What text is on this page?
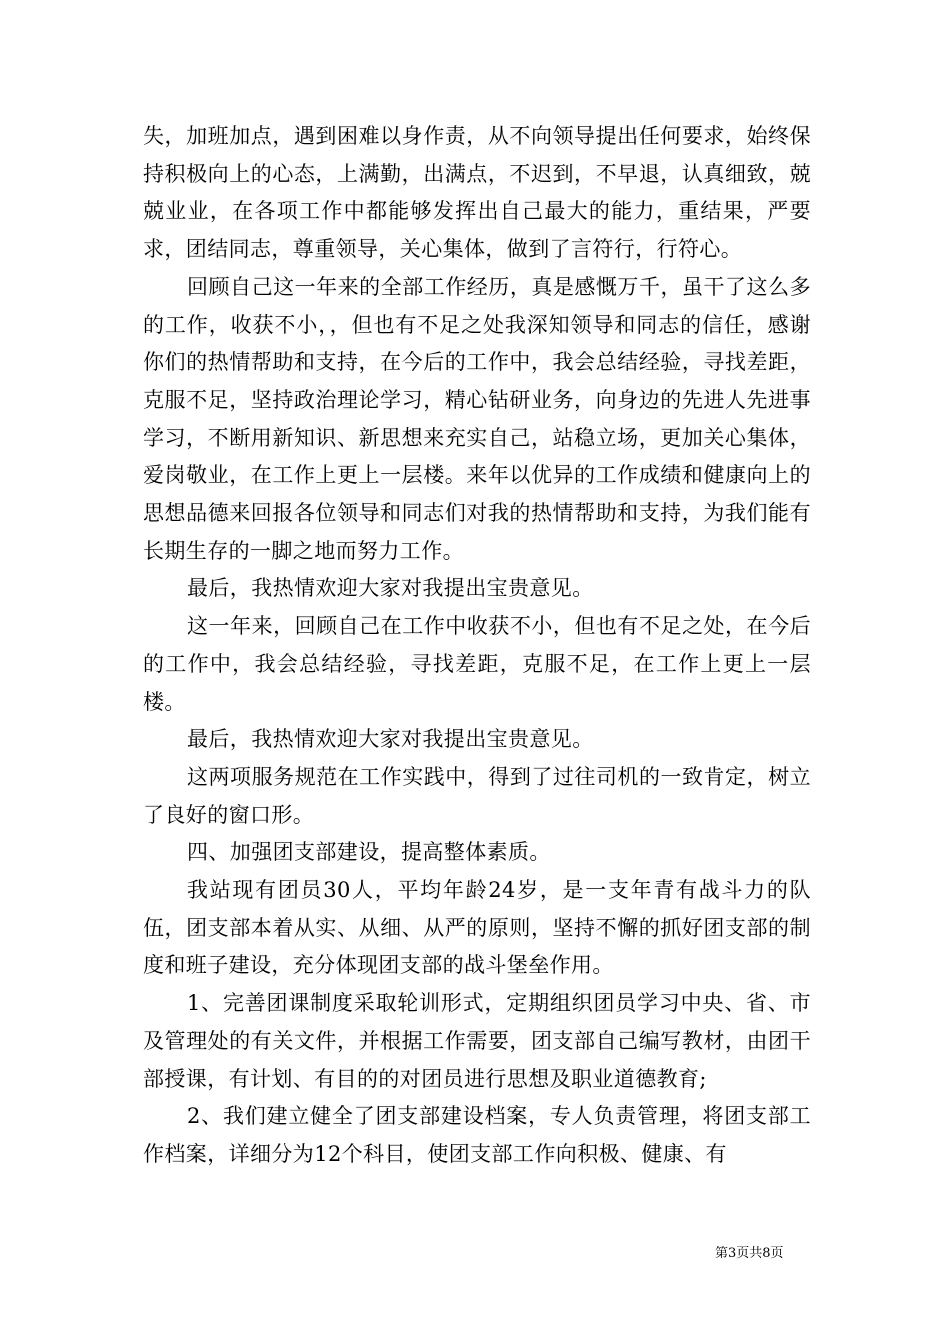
失，加班加点，遇到困难以身作责，从不向领导提出任何要求，始终保持积极向上的心态，上满勤，出满点，不迟到，不早退，认真细致，兢兢业业，在各项工作中都能够发挥出自己最大的能力，重结果，严要求，团结同志，尊重领导，关心集体，做到了言符行，行符心。

回顾自己这一年来的全部工作经历，真是感慨万千，虽干了这么多的工作，收获不小，，但也有不足之处我深知领导和同志的信任，感谢你们的热情帮助和支持，在今后的工作中，我会总结经验，寻找差距，克服不足，坚持政治理论学习，精心钻研业务，向身边的先进人先进事学习，不断用新知识、新思想来充实自己，站稳立场，更加关心集体，爱岗敬业，在工作上更上一层楼。来年以优异的工作成绩和健康向上的思想品德来回报各位领导和同志们对我的热情帮助和支持，为我们能有长期生存的一脚之地而努力工作。

最后，我热情欢迎大家对我提出宝贵意见。

这一年来，回顾自己在工作中收获不小，但也有不足之处，在今后的工作中，我会总结经验，寻找差距，克服不足，在工作上更上一层楼。

最后，我热情欢迎大家对我提出宝贵意见。

这两项服务规范在工作实践中，得到了过往司机的一致肯定，树立了良好的窗口形。

四、加强团支部建设，提高整体素质。

我站现有团员30人，平均年龄24岁，是一支年青有战斗力的队伍，团支部本着从实、从细、从严的原则，坚持不懈的抓好团支部的制度和班子建设，充分体现团支部的战斗堡垒作用。

1、完善团课制度采取轮训形式，定期组织团员学习中央、省、市及管理处的有关文件，并根据工作需要，团支部自己编写教材，由团干部授课，有计划、有目的的对团员进行思想及职业道德教育;

2、我们建立健全了团支部建设档案，专人负责管理，将团支部工作档案，详细分为12个科目，使团支部工作向积极、健康、有

第3页共8页
